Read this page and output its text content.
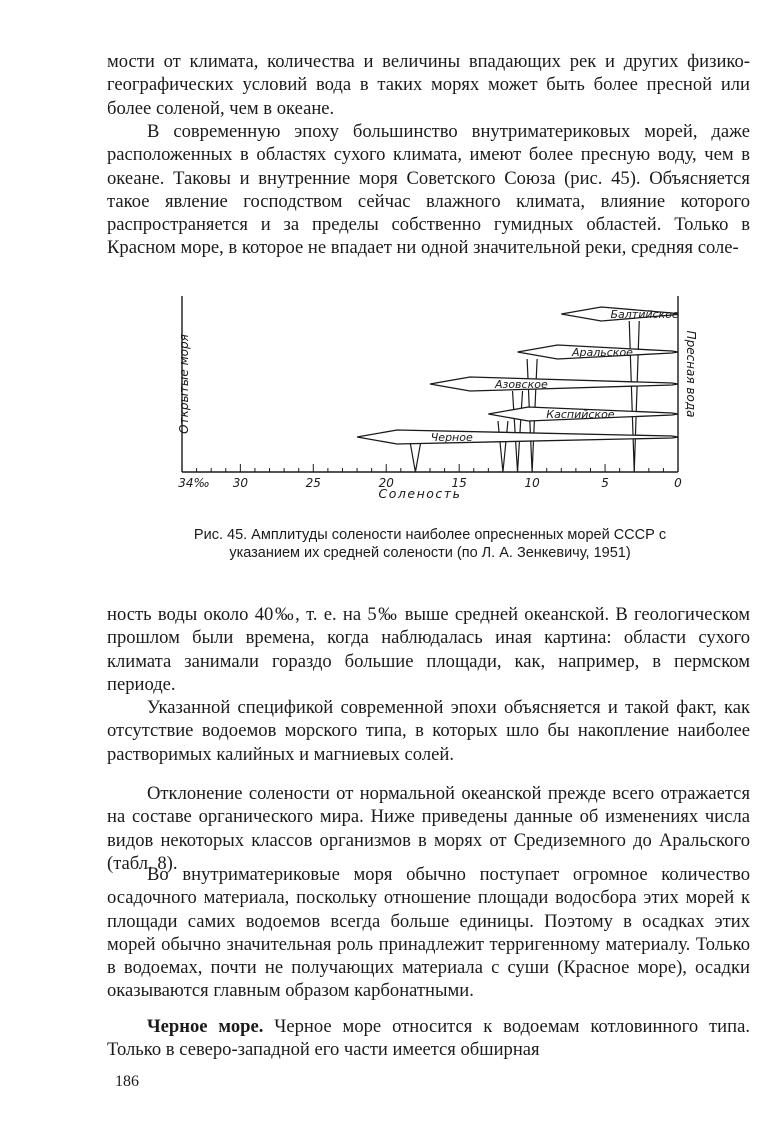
мости от климата, количества и величины впадающих рек и других физико-географических условий вода в таких морях может быть более пресной или более соленой, чем в океане.

В современную эпоху большинство внутриматериковых морей, даже расположенных в областях сухого климата, имеют более пресную воду, чем в океане. Таковы и внутренние моря Советского Союза (рис. 45). Объясняется такое явление господством сейчас влажного климата, влияние которого распространяется и за пределы собственно гумидных областей. Только в Красном море, в которое не впадает ни одной значительной реки, средняя соле-

Открытые моря	Пресная вода
34‰ 30	25	20	15	10	5	0
Балтийское
Аральское
Азовское
Каспийское
Черное
Соленость

Рис. 45. Амплитуды солености наиболее опресненных морей СССР с указанием их средней солености (по Л. А. Зенкевичу, 1951)

ность воды около 40‰, т. е. на 5‰ выше средней океанской. В геологическом прошлом были времена, когда наблюдалась иная картина: области сухого климата занимали гораздо большие площади, как, например, в пермском периоде.

Указанной спецификой современной эпохи объясняется и такой факт, как отсутствие водоемов морского типа, в которых шло бы накопление наиболее растворимых калийных и магниевых солей.

Отклонение солености от нормальной океанской прежде всего отражается на составе органического мира. Ниже приведены данные об изменениях числа видов некоторых классов организмов в морях от Средиземного до Аральского (табл. 8).

Во внутриматериковые моря обычно поступает огромное количество осадочного материала, поскольку отношение площади водосбора этих морей к площади самих водоемов всегда больше единицы. Поэтому в осадках этих морей обычно значительная роль принадлежит терригенному материалу. Только в водоемах, почти не получающих материала с суши (Красное море), осадки оказываются главным образом карбонатными.

Черное море. Черное море относится к водоемам котловинного типа. Только в северо-западной его части имеется обширная

186
